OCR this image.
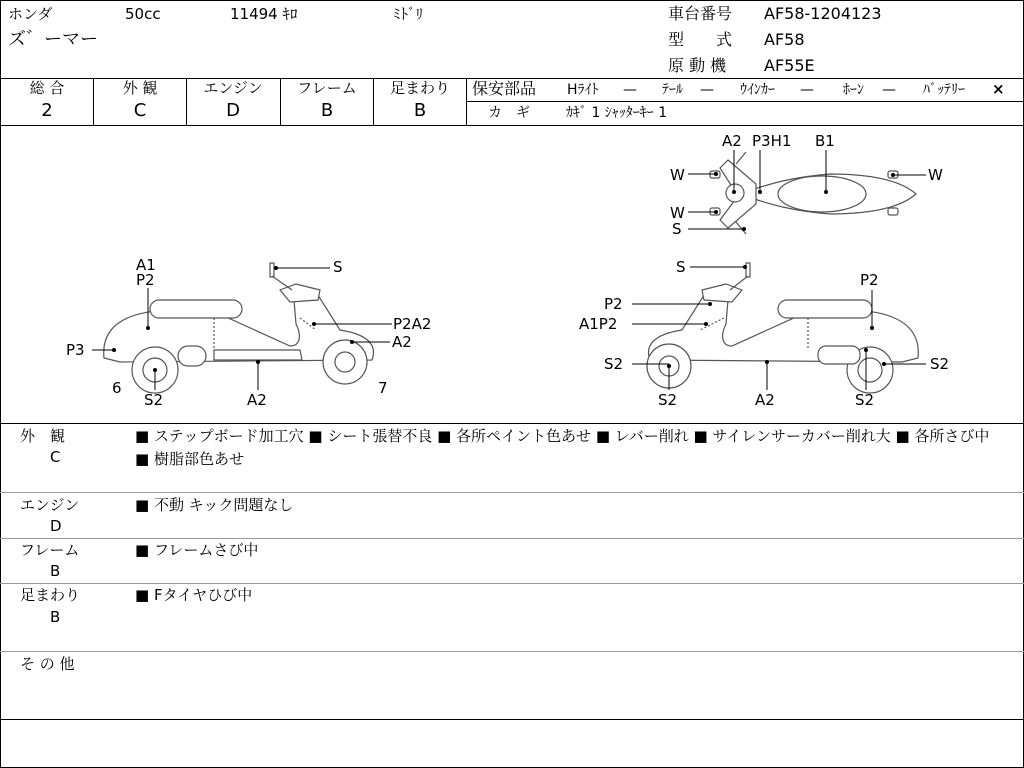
ホンダ	50cc	11494 ｷﾛ	ﾐﾄﾞﾘ
ズ゛ーマー
車台番号 AF58-1204123
型　　式 AF58
原 動 機 AF55E
総 合
2
外 観
C
エンジン
D
フレーム
B
足まわり
B
保安部品 Hﾗｲﾄ — ﾃｰﾙ — ｳｲﾝｶｰ — ﾎｰﾝ — ﾊﾞｯﾃﾘｰ ×
カ　ギ	ｶｷﾞ 1 ｼｬｯﾀｰｷｰ 1
A1
P2
S
P2A2
A2
P3
6
S2	A2
7
S
P2
P2
A1P2
S2
S2	A2	S2
S2
A2 P3H1 B1
W
W
W
S
外　観
C
■ ステップボード加工穴 ■ シート張替不良 ■ 各所ペイント色あせ ■ レバー削れ ■ サイレンサーカバー削れ大 ■ 各所さび中 ■ 樹脂部色あせ
エンジン
D
■ 不動 キック問題なし
フレーム
B
■ フレームさび中
足まわり
B
■ Fタイヤひび中
そ の 他
